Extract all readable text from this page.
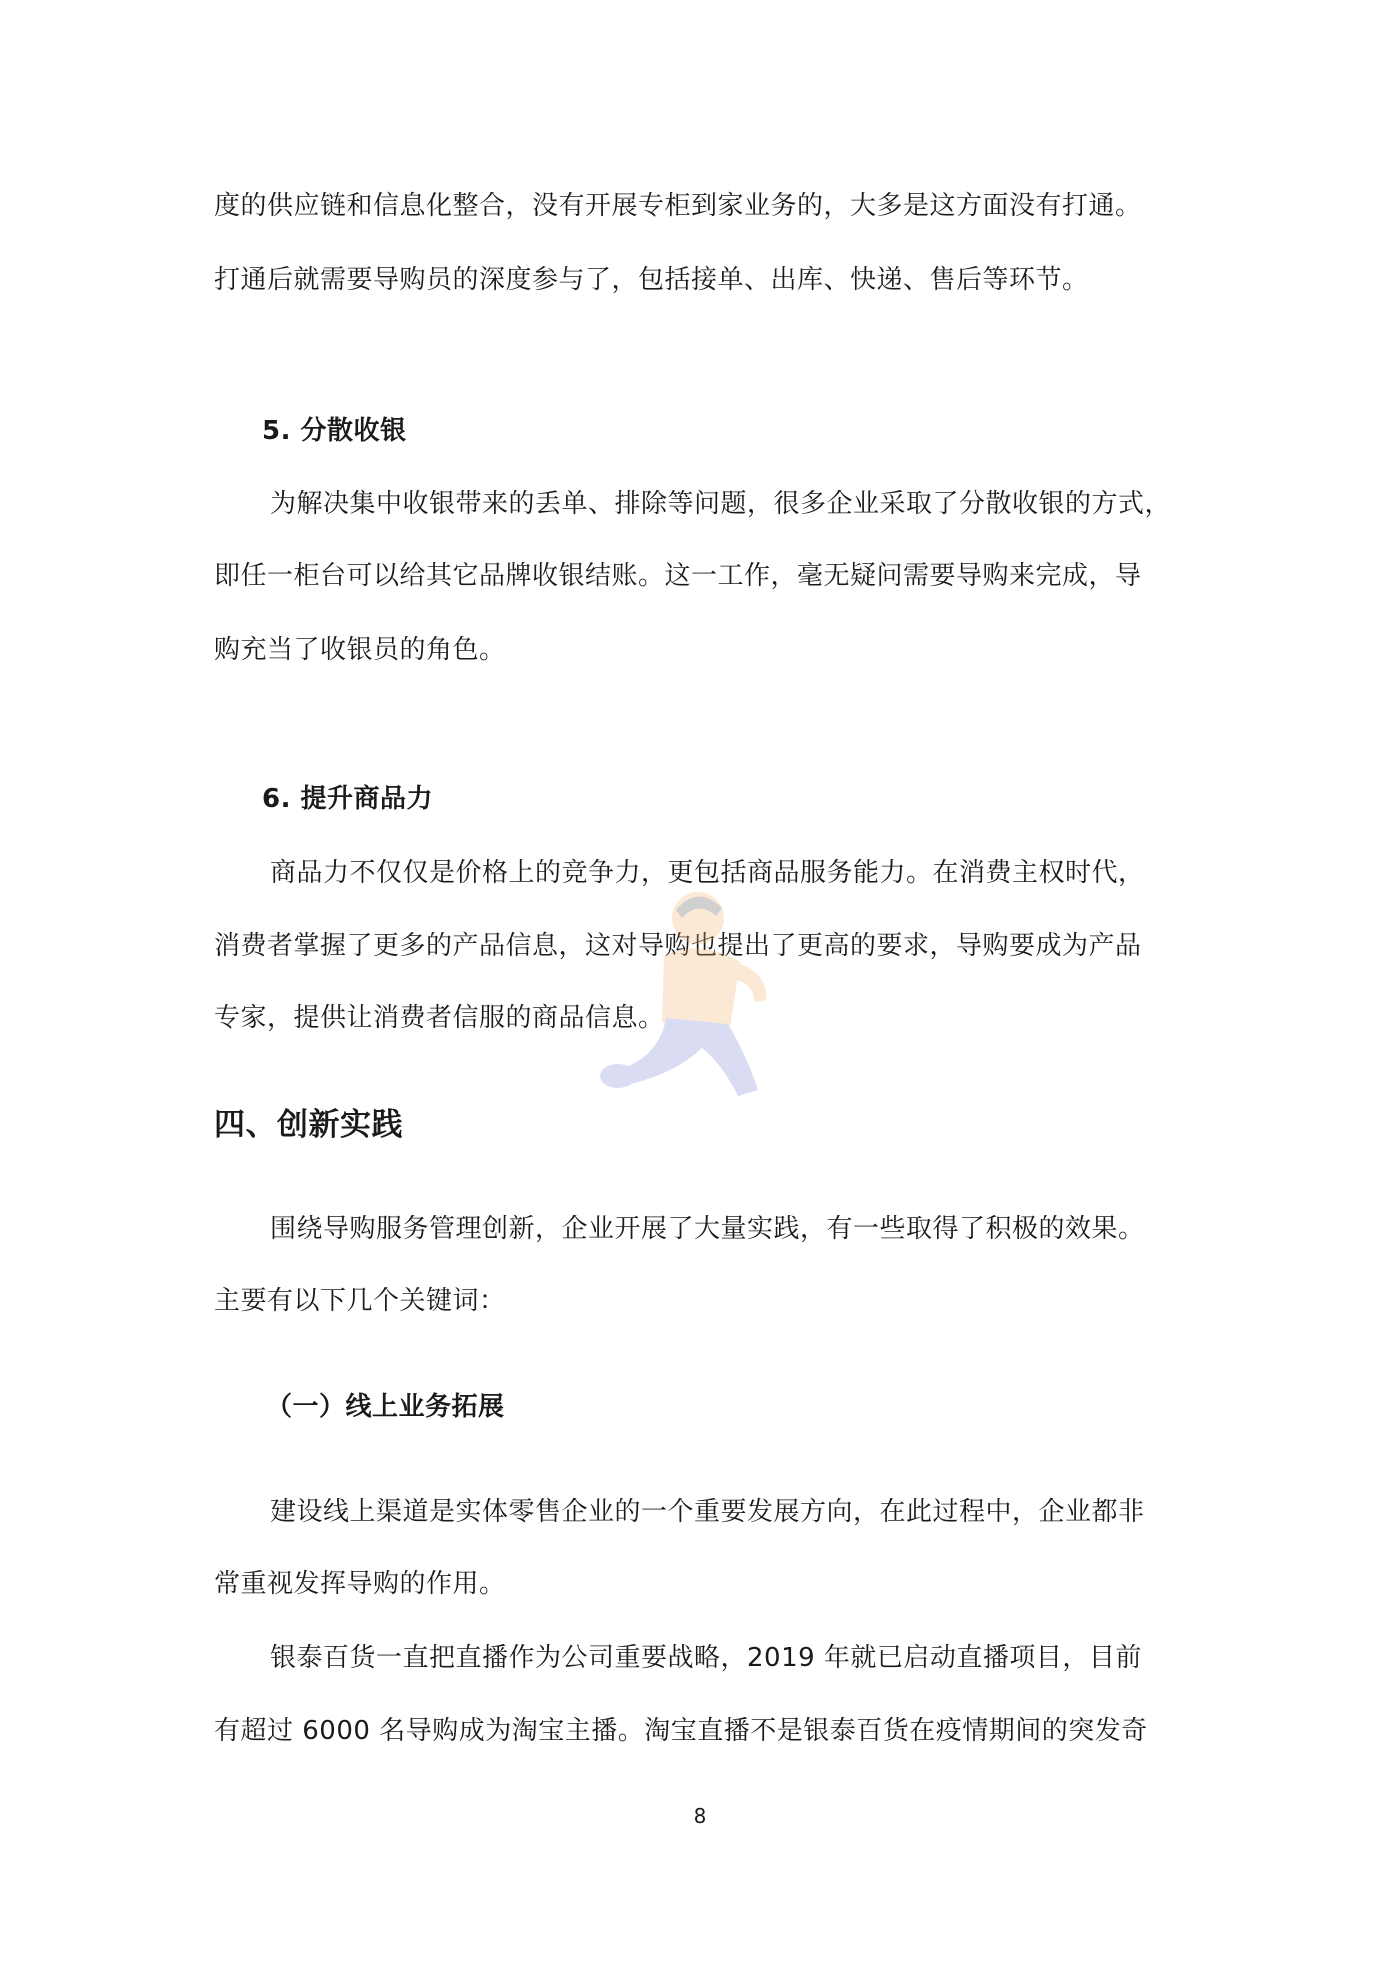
度的供应链和信息化整合，没有开展专柜到家业务的，大多是这方面没有打通。
打通后就需要导购员的深度参与了，包括接单、出库、快递、售后等环节。
5. 分散收银
为解决集中收银带来的丢单、排除等问题，很多企业采取了分散收银的方式，
即任一柜台可以给其它品牌收银结账。这一工作，毫无疑问需要导购来完成，导
购充当了收银员的角色。
6. 提升商品力
商品力不仅仅是价格上的竞争力，更包括商品服务能力。在消费主权时代，
消费者掌握了更多的产品信息，这对导购也提出了更高的要求，导购要成为产品
专家，提供让消费者信服的商品信息。
四、创新实践
围绕导购服务管理创新，企业开展了大量实践，有一些取得了积极的效果。
主要有以下几个关键词：
（一）线上业务拓展
建设线上渠道是实体零售企业的一个重要发展方向，在此过程中，企业都非
常重视发挥导购的作用。
银泰百货一直把直播作为公司重要战略，2019 年就已启动直播项目，目前
有超过 6000 名导购成为淘宝主播。淘宝直播不是银泰百货在疫情期间的突发奇
8
